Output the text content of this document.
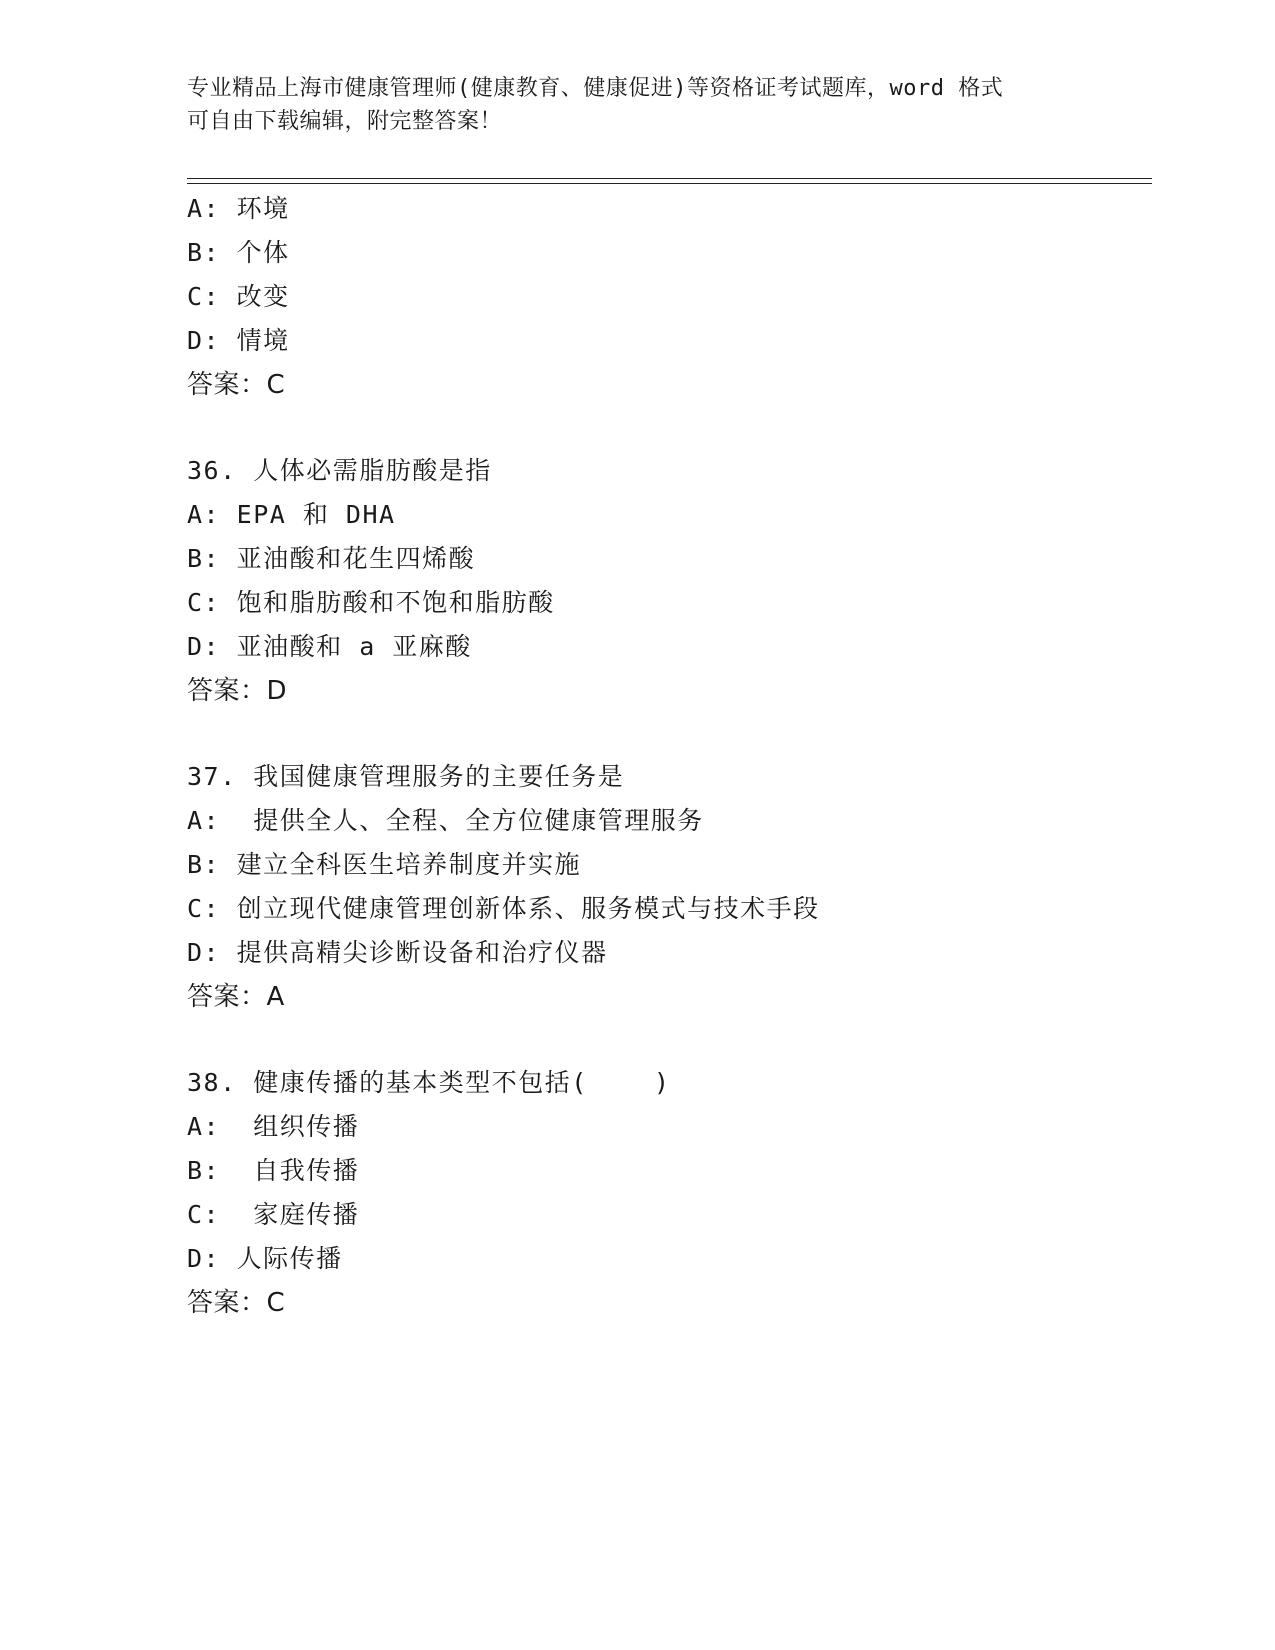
专业精品上海市健康管理师(健康教育、健康促进)等资格证考试题库，word 格式
可自由下载编辑，附完整答案！
A: 环境
B: 个体
C: 改变
D: 情境
答案：C
36. 人体必需脂肪酸是指
A: EPA 和 DHA
B: 亚油酸和花生四烯酸
C: 饱和脂肪酸和不饱和脂肪酸
D: 亚油酸和 a 亚麻酸
答案：D
37. 我国健康管理服务的主要任务是
A:  提供全人、全程、全方位健康管理服务
B: 建立全科医生培养制度并实施
C: 创立现代健康管理创新体系、服务模式与技术手段
D: 提供高精尖诊断设备和治疗仪器
答案：A
38. 健康传播的基本类型不包括(    )
A:  组织传播
B:  自我传播
C:  家庭传播
D: 人际传播
答案：C
